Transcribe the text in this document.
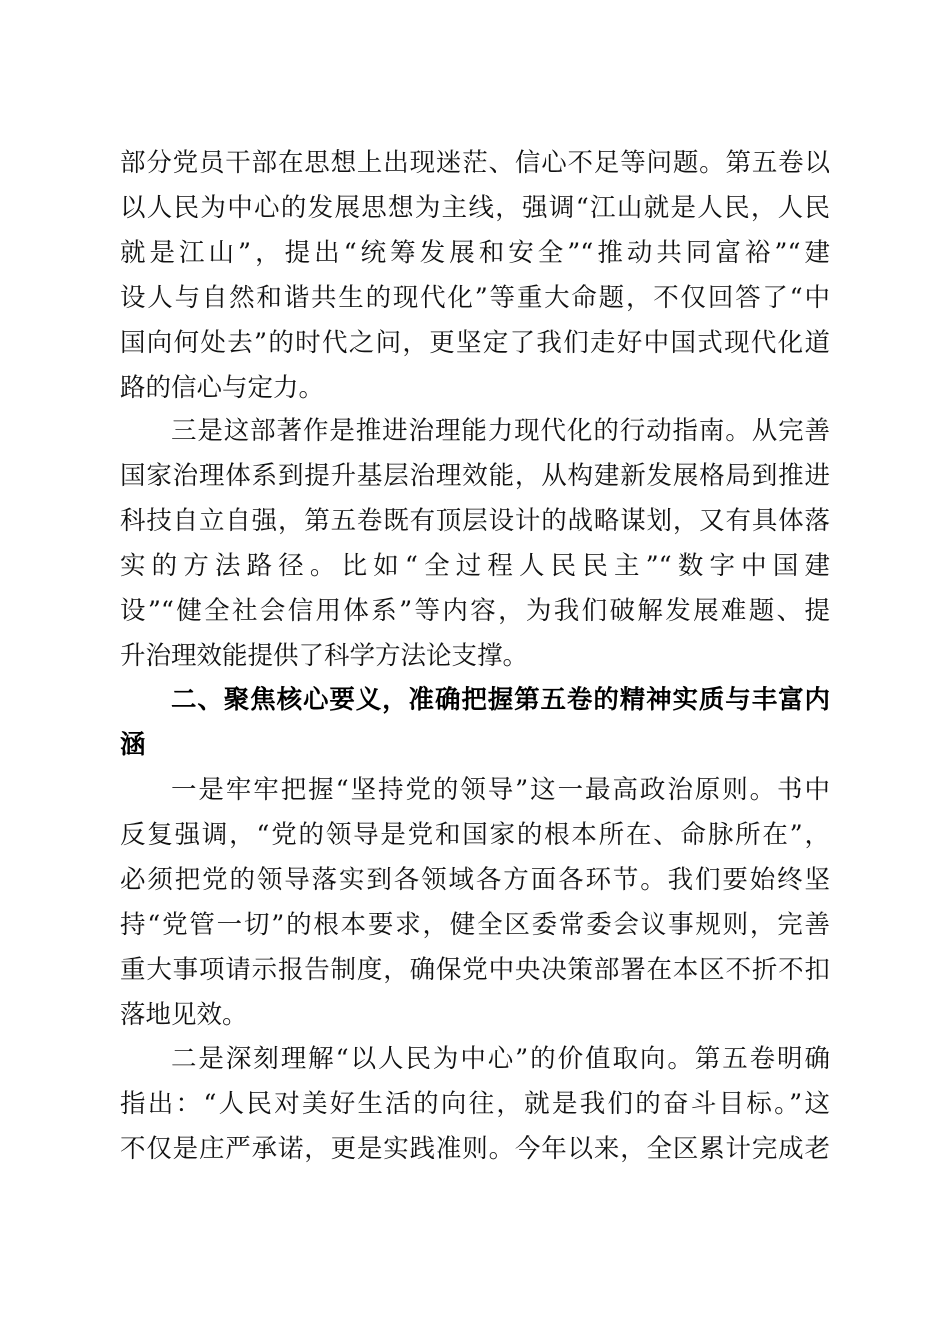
部分党员干部在思想上出现迷茫、信心不足等问题。第五卷以
以人民为中心的发展思想为主线，强调“江山就是人民，人民
就是江山”，提出“统筹发展和安全”“推动共同富裕”“建
设人与自然和谐共生的现代化”等重大命题，不仅回答了“中
国向何处去”的时代之问，更坚定了我们走好中国式现代化道
路的信心与定力。
三是这部著作是推进治理能力现代化的行动指南。从完善
国家治理体系到提升基层治理效能，从构建新发展格局到推进
科技自立自强，第五卷既有顶层设计的战略谋划，又有具体落
实的方法路径。比如“全过程人民民主”“数字中国建
设”“健全社会信用体系”等内容，为我们破解发展难题、提
升治理效能提供了科学方法论支撑。
二、聚焦核心要义，准确把握第五卷的精神实质与丰富内
涵
一是牢牢把握“坚持党的领导”这一最高政治原则。书中
反复强调，“党的领导是党和国家的根本所在、命脉所在”，
必须把党的领导落实到各领域各方面各环节。我们要始终坚
持“党管一切”的根本要求，健全区委常委会议事规则，完善
重大事项请示报告制度，确保党中央决策部署在本区不折不扣
落地见效。
二是深刻理解“以人民为中心”的价值取向。第五卷明确
指出：“人民对美好生活的向往，就是我们的奋斗目标。”这
不仅是庄严承诺，更是实践准则。今年以来，全区累计完成老
